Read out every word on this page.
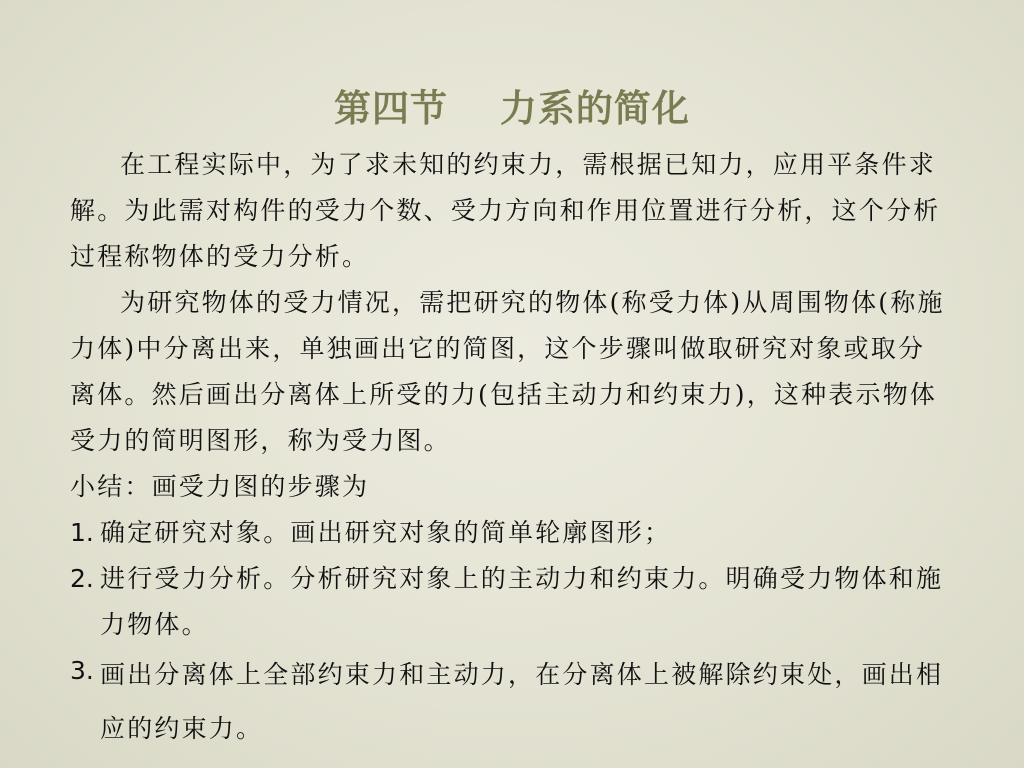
第四节　 力系的简化

在工程实际中，为了求未知的约束力，需根据已知力，应用平条件求解。为此需对构件的受力个数、受力方向和作用位置进行分析，这个分析过程称物体的受力分析。

为研究物体的受力情况，需把研究的物体(称受力体)从周围物体(称施力体)中分离出来，单独画出它的简图，这个步骤叫做取研究对象或取分离体。然后画出分离体上所受的力(包括主动力和约束力)，这种表示物体受力的简明图形，称为受力图。

小结：画受力图的步骤为

1. 确定研究对象。画出研究对象的简单轮廓图形；
2. 进行受力分析。分析研究对象上的主动力和约束力。明确受力物体和施力物体。
3. 画出分离体上全部约束力和主动力，在分离体上被解除约束处，画出相应的约束力。
